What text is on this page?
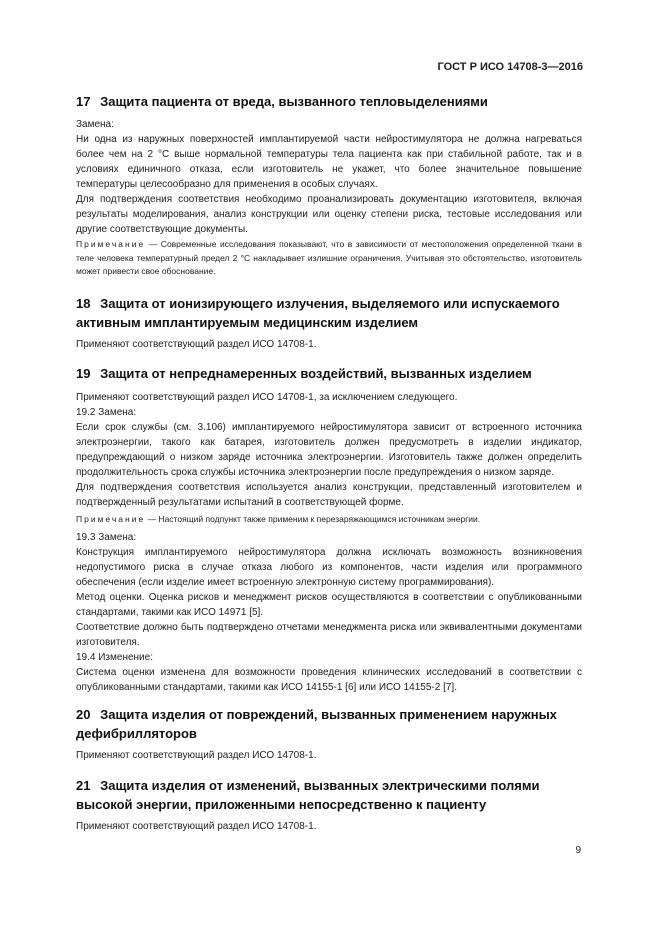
ГОСТ Р ИСО 14708-3—2016
17 Защита пациента от вреда, вызванного тепловыделениями

Замена:

Ни одна из наружных поверхностей имплантируемой части нейростимулятора не должна нагреваться более чем на 2 °С выше нормальной температуры тела пациента как при стабильной работе, так и в условиях единичного отказа, если изготовитель не укажет, что более значительное повышение температуры целесообразно для применения в особых случаях.

Для подтверждения соответствия необходимо проанализировать документацию изготовителя, включая результаты моделирования, анализ конструкции или оценку степени риска, тестовые исследования или другие соответствующие документы.

Примечание — Современные исследования показывают, что в зависимости от местоположения определенной ткани в теле человека температурный предел 2 °С накладывает излишние ограничения. Учитывая это обстоятельство, изготовитель может привести свое обоснование.
18 Защита от ионизирующего излучения, выделяемого или испускаемого
активным имплантируемым медицинским изделием
Применяют соответствующий раздел ИСО 14708-1.
19 Защита от непреднамеренных воздействий, вызванных изделием

Применяют соответствующий раздел ИСО 14708-1, за исключением следующего.

19.2 Замена:

Если срок службы (см. 3.106) имплантируемого нейростимулятора зависит от встроенного источника электроэнергии, такого как батарея, изготовитель должен предусмотреть в изделии индикатор, предупреждающий о низком заряде источника электроэнергии. Изготовитель также должен определить продолжительность срока службы источника электроэнергии после предупреждения о низком заряде.

Для подтверждения соответствия используется анализ конструкции, представленный изготовителем и подтвержденный результатами испытаний в соответствующей форме.

Примечание — Настоящий подпункт также применим к перезаряжающимся источникам энергии.

19.3 Замена:

Конструкция имплантируемого нейростимулятора должна исключать возможность возникновения недопустимого риска в случае отказа любого из компонентов, части изделия или программного обеспечения (если изделие имеет встроенную электронную систему программирования).

Метод оценки. Оценка рисков и менеджмент рисков осуществляются в соответствии с опубликованными стандартами, такими как ИСО 14971 [5].

Соответствие должно быть подтверждено отчетами менеджмента риска или эквивалентными документами изготовителя.

19.4 Изменение:

Система оценки изменена для возможности проведения клинических исследований в соответствии с опубликованными стандартами, такими как ИСО 14155-1 [6] или ИСО 14155-2 [7].

20 Защита изделия от повреждений, вызванных применением наружных
дефибрилляторов
Применяют соответствующий раздел ИСО 14708-1.
21 Защита изделия от изменений, вызванных электрическими полями
высокой энергии, приложенными непосредственно к пациенту
Применяют соответствующий раздел ИСО 14708-1.
9
